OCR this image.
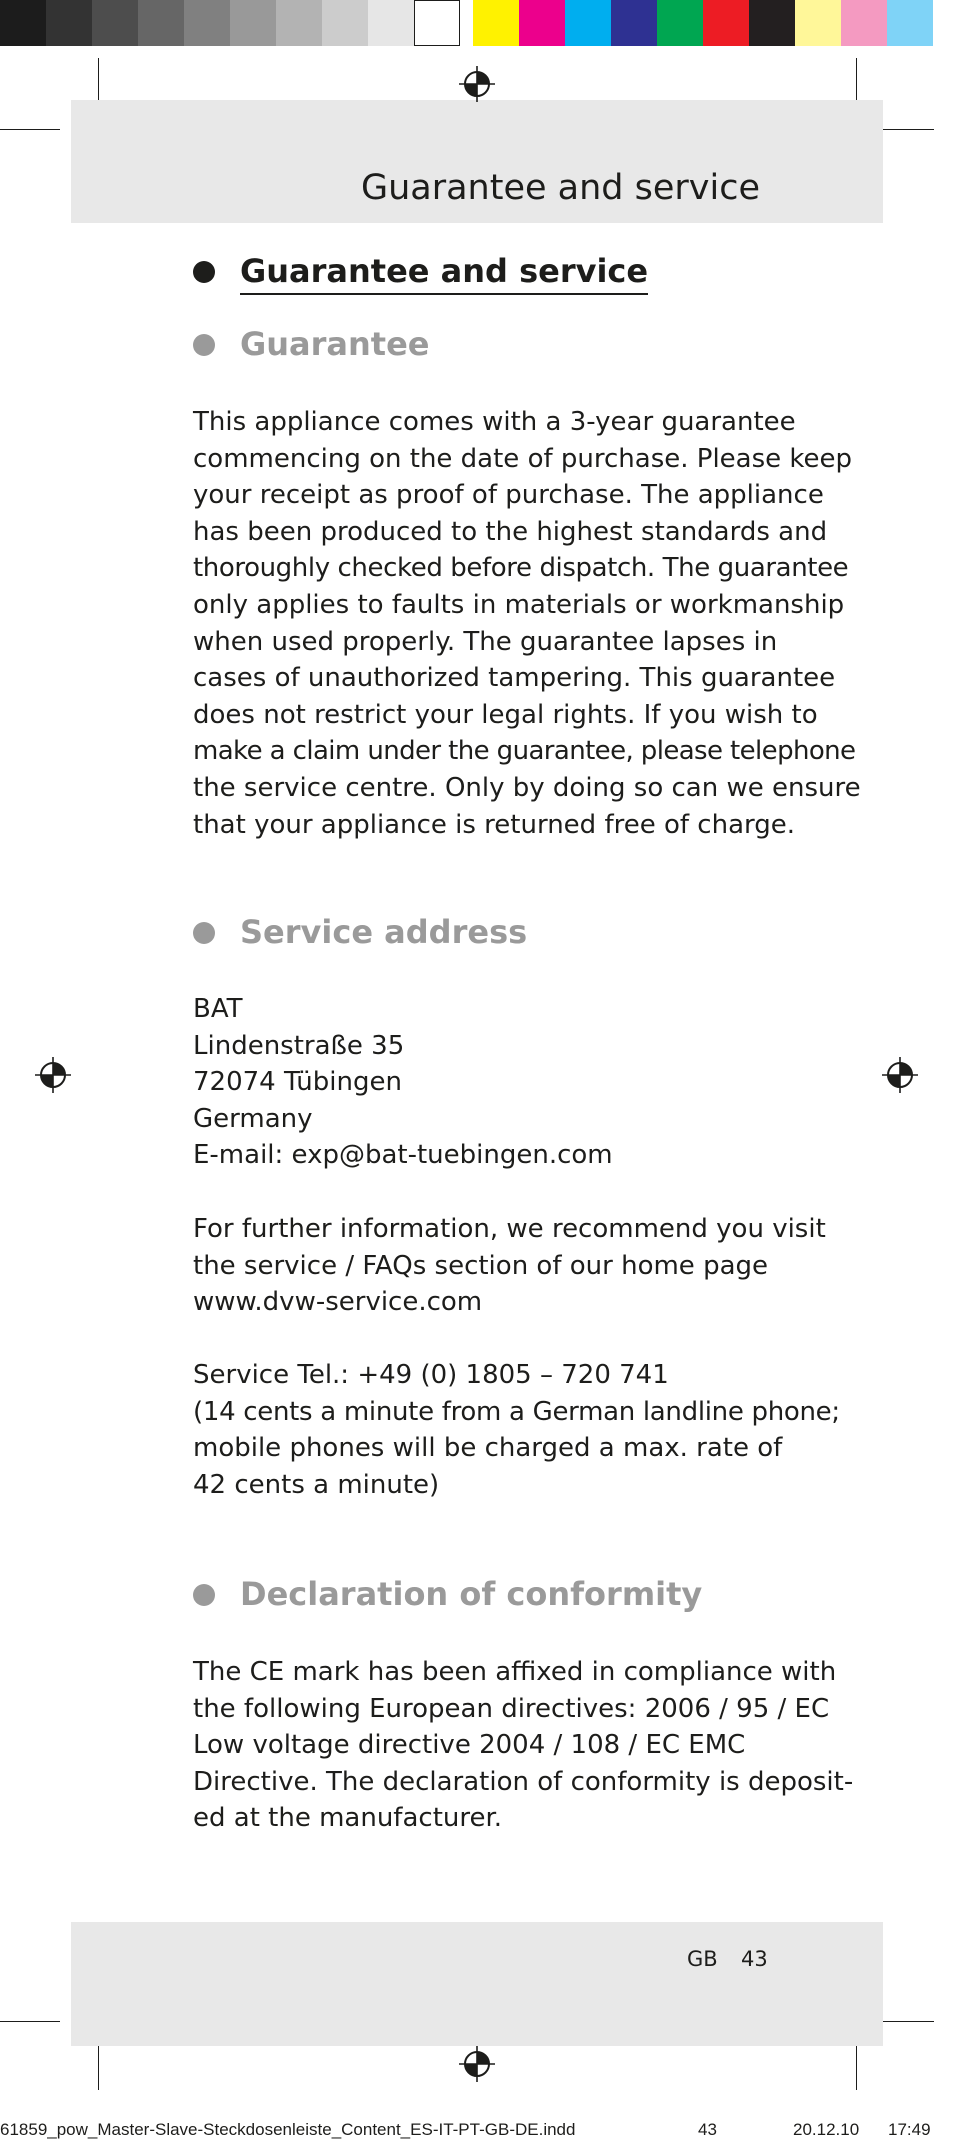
Guarantee and service
Guarantee and service
Guarantee
This appliance comes with a 3-year guarantee
commencing on the date of purchase. Please keep
your receipt as proof of purchase. The appliance
has been produced to the highest standards and
thoroughly checked before dispatch. The guarantee
only applies to faults in materials or workmanship
when used properly. The guarantee lapses in
cases of unauthorized tampering. This guarantee
does not restrict your legal rights. If you wish to
make a claim under the guarantee, please telephone
the service centre. Only by doing so can we ensure
that your appliance is returned free of charge.
Service address
BAT
Lindenstraße 35
72074 Tübingen
Germany
E-mail: exp@bat-tuebingen.com
For further information, we recommend you visit
the service / FAQs section of our home page
www.dvw-service.com
Service Tel.: +49 (0) 1805 – 720 741
(14 cents a minute from a German landline phone;
mobile phones will be charged a max. rate of
42 cents a minute)
Declaration of conformity
The CE mark has been affixed in compliance with
the following European directives: 2006 / 95 / EC
Low voltage directive 2004 / 108 / EC EMC
Directive. The declaration of conformity is deposit-
ed at the manufacturer.
GB 43
61859_pow_Master-Slave-Steckdosenleiste_Content_ES-IT-PT-GB-DE.indd	43	20.12.10 17:49
